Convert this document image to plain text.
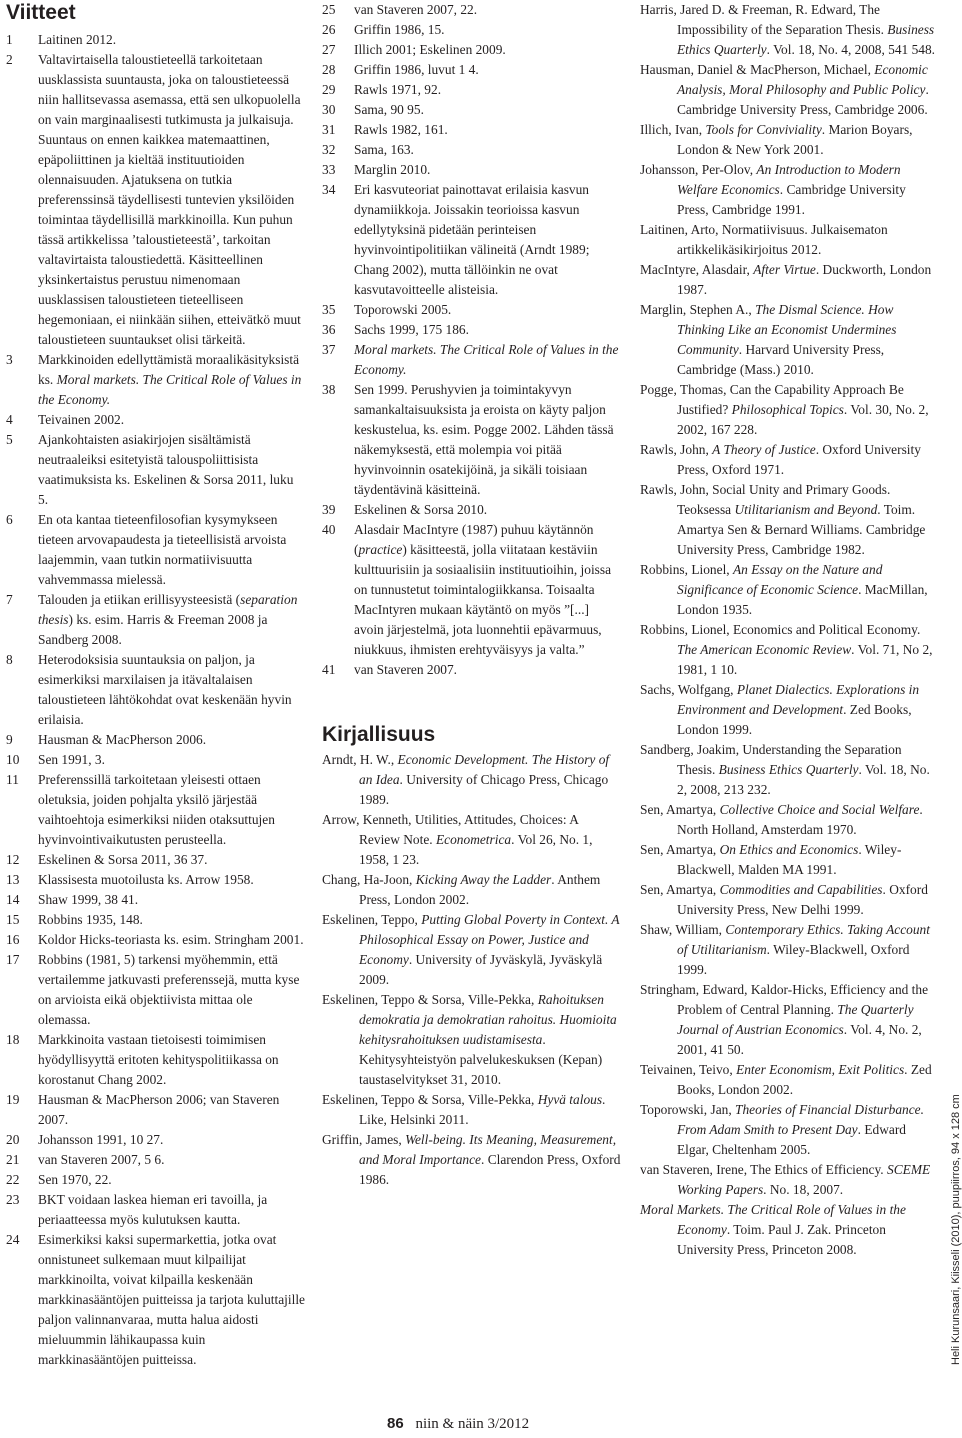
Viitteet
1	Laitinen 2012.
2	Valtavirtaisella taloustieteellä tarkoitetaan uusklassista suuntausta, joka on taloustieteessä niin hallitsevassa asemassa, että sen ulkopuolella on vain marginaalisesti tutkimusta ja julkaisuja. Suuntaus on ennen kaikkea matemaattinen, epäpoliittinen ja kieltää instituutioiden olennaisuuden. Ajatuksena on tutkia preferenssinsä täydellisesti tuntevien yksilöiden toimintaa täydellisillä markkinoilla. Kun puhun tässä artikkelissa ’taloustieteestä’, tarkoitan valtavirtaista taloustiedettä. Käsitteellinen yksinkertaistus perustuu nimenomaan uusklassisen taloustieteen tieteelliseen hegemoniaan, ei niinkään siihen, etteivätkö muut taloustieteen suuntaukset olisi tärkeitä.
3	Markkinoiden edellyttämistä moraalikäsityksistä ks. Moral markets. The Critical Role of Values in the Economy.
4	Teivainen 2002.
5	Ajankohtaisten asiakirjojen sisältämistä neutraaleiksi esitetyistä talouspoliittisista vaatimuksista ks. Eskelinen & Sorsa 2011, luku 5.
6	En ota kantaa tieteenfilosofian kysymykseen tieteen arvovapaudesta ja tieteellisistä arvoista laajemmin, vaan tutkin normatiivisuutta vahvemmassa mielessä.
7	Talouden ja etiikan erillisyysteesistä (separation thesis) ks. esim. Harris & Freeman 2008 ja Sandberg 2008.
8	Heterodoksisia suuntauksia on paljon, ja esimerkiksi marxilaisen ja itävaltalaisen taloustieteen lähtökohdat ovat keskenään hyvin erilaisia.
9	Hausman & MacPherson 2006.
10	Sen 1991, 3.
11	Preferenssillä tarkoitetaan yleisesti ottaen oletuksia, joiden pohjalta yksilö järjestää vaihtoehtoja esimerkiksi niiden otaksuttujen hyvinvointivaikutusten perusteella.
12	Eskelinen & Sorsa 2011, 36 37.
13	Klassisesta muotoilusta ks. Arrow 1958.
14	Shaw 1999, 38 41.
15	Robbins 1935, 148.
16	Koldor Hicks-teoriasta ks. esim. Stringham 2001.
17	Robbins (1981, 5) tarkensi myöhemmin, että vertailemme jatkuvasti preferenssejä, mutta kyse on arvioista eikä objektiivista mittaa ole olemassa.
18	Markkinoita vastaan tietoisesti toimimisen hyödyllisyyttä eritoten kehityspolitiikassa on korostanut Chang 2002.
19	Hausman & MacPherson 2006; van Staveren 2007.
20	Johansson 1991, 10 27.
21	van Staveren 2007, 5 6.
22	Sen 1970, 22.
23	BKT voidaan laskea hieman eri tavoilla, ja periaatteessa myös kulutuksen kautta.
24	Esimerkiksi kaksi supermarkettia, jotka ovat onnistuneet sulkemaan muut kilpailijat markkinoilta, voivat kilpailla keskenään markkinasääntöjen puitteissa ja tarjota kuluttajille paljon valinnanvaraa, mutta halua aidosti mieluummin lähikaupassa kuin markkinasääntöjen puitteissa.
25	van Staveren 2007, 22.
26	Griffin 1986, 15.
27	Illich 2001; Eskelinen 2009.
28	Griffin 1986, luvut 1 4.
29	Rawls 1971, 92.
30	Sama, 90 95.
31	Rawls 1982, 161.
32	Sama, 163.
33	Marglin 2010.
34	Eri kasvuteoriat painottavat erilaisia kasvun dynamiikkoja. Joissakin teorioissa kasvun edellytyksinä pidetään perinteisen hyvinvointipolitiikan välineitä (Arndt 1989; Chang 2002), mutta tällöinkin ne ovat kasvutavoitteelle alisteisia.
35	Toporowski 2005.
36	Sachs 1999, 175 186.
37	Moral markets. The Critical Role of Values in the Economy.
38	Sen 1999. Perushyvien ja toimintakyvyn samankaltaisuuksista ja eroista on käyty paljon keskustelua, ks. esim. Pogge 2002. Lähden tässä näkemyksestä, että molempia voi pitää hyvinvoinnin osatekijöinä, ja sikäli toisiaan täydentävinä käsitteinä.
39	Eskelinen & Sorsa 2010.
40	Alasdair MacIntyre (1987) puhuu käytännön (practice) käsitteestä, jolla viitataan kestäviin kulttuurisiin ja sosiaalisiin instituutioihin, joissa on tunnustetut toimintalogiikkansa. Toisaalta MacIntyren mukaan käytäntö on myös ”[...] avoin järjestelmä, jota luonnehtii epävarmuus, niukkuus, ihmisten erehtyväisyys ja valta.”
41	van Staveren 2007.
Kirjallisuus
Arndt, H. W., Economic Development. The History of an Idea. University of Chicago Press, Chicago 1989.
Arrow, Kenneth, Utilities, Attitudes, Choices: A Review Note. Econometrica. Vol 26, No. 1, 1958, 1 23.
Chang, Ha-Joon, Kicking Away the Ladder. Anthem Press, London 2002.
Eskelinen, Teppo, Putting Global Poverty in Context. A Philosophical Essay on Power, Justice and Economy. University of Jyväskylä, Jyväskylä 2009.
Eskelinen, Teppo & Sorsa, Ville-Pekka, Rahoituksen demokratia ja demokratian rahoitus. Huomioita kehitysrahoituksen uudistamisesta. Kehitysyhteistyön palvelukeskuksen (Kepan) taustaselvitykset 31, 2010.
Eskelinen, Teppo & Sorsa, Ville-Pekka, Hyvä talous. Like, Helsinki 2011.
Griffin, James, Well-being. Its Meaning, Measurement, and Moral Importance. Clarendon Press, Oxford 1986.
Harris, Jared D. & Freeman, R. Edward, The Impossibility of the Separation Thesis. Business Ethics Quarterly. Vol. 18, No. 4, 2008, 541 548.
Hausman, Daniel & MacPherson, Michael, Economic Analysis, Moral Philosophy and Public Policy. Cambridge University Press, Cambridge 2006.
Illich, Ivan, Tools for Conviviality. Marion Boyars, London & New York 2001.
Johansson, Per-Olov, An Introduction to Modern Welfare Economics. Cambridge University Press, Cambridge 1991.
Laitinen, Arto, Normatiivisuus. Julkaisematon artikkelikäsikirjoitus 2012.
MacIntyre, Alasdair, After Virtue. Duckworth, London 1987.
Marglin, Stephen A., The Dismal Science. How Thinking Like an Economist Undermines Community. Harvard University Press, Cambridge (Mass.) 2010.
Pogge, Thomas, Can the Capability Approach Be Justified? Philosophical Topics. Vol. 30, No. 2, 2002, 167 228.
Rawls, John, A Theory of Justice. Oxford University Press, Oxford 1971.
Rawls, John, Social Unity and Primary Goods. Teoksessa Utilitarianism and Beyond. Toim. Amartya Sen & Bernard Williams. Cambridge University Press, Cambridge 1982.
Robbins, Lionel, An Essay on the Nature and Significance of Economic Science. MacMillan, London 1935.
Robbins, Lionel, Economics and Political Economy. The American Economic Review. Vol. 71, No 2, 1981, 1 10.
Sachs, Wolfgang, Planet Dialectics. Explorations in Environment and Development. Zed Books, London 1999.
Sandberg, Joakim, Understanding the Separation Thesis. Business Ethics Quarterly. Vol. 18, No. 2, 2008, 213 232.
Sen, Amartya, Collective Choice and Social Welfare. North Holland, Amsterdam 1970.
Sen, Amartya, On Ethics and Economics. Wiley-Blackwell, Malden MA 1991.
Sen, Amartya, Commodities and Capabilities. Oxford University Press, New Delhi 1999.
Shaw, William, Contemporary Ethics. Taking Account of Utilitarianism. Wiley-Blackwell, Oxford 1999.
Stringham, Edward, Kaldor-Hicks, Efficiency and the Problem of Central Planning. The Quarterly Journal of Austrian Economics. Vol. 4, No. 2, 2001, 41 50.
Teivainen, Teivo, Enter Economism, Exit Politics. Zed Books, London 2002.
Toporowski, Jan, Theories of Financial Disturbance. From Adam Smith to Present Day. Edward Elgar, Cheltenham 2005.
van Staveren, Irene, The Ethics of Efficiency. SCEME Working Papers. No. 18, 2007.
Moral Markets. The Critical Role of Values in the Economy. Toim. Paul J. Zak. Princeton University Press, Princeton 2008.
86 niin & näin 3/2012
Heli Kurunsaari, Kiisseli (2010), puupiirros, 94 x 128 cm
